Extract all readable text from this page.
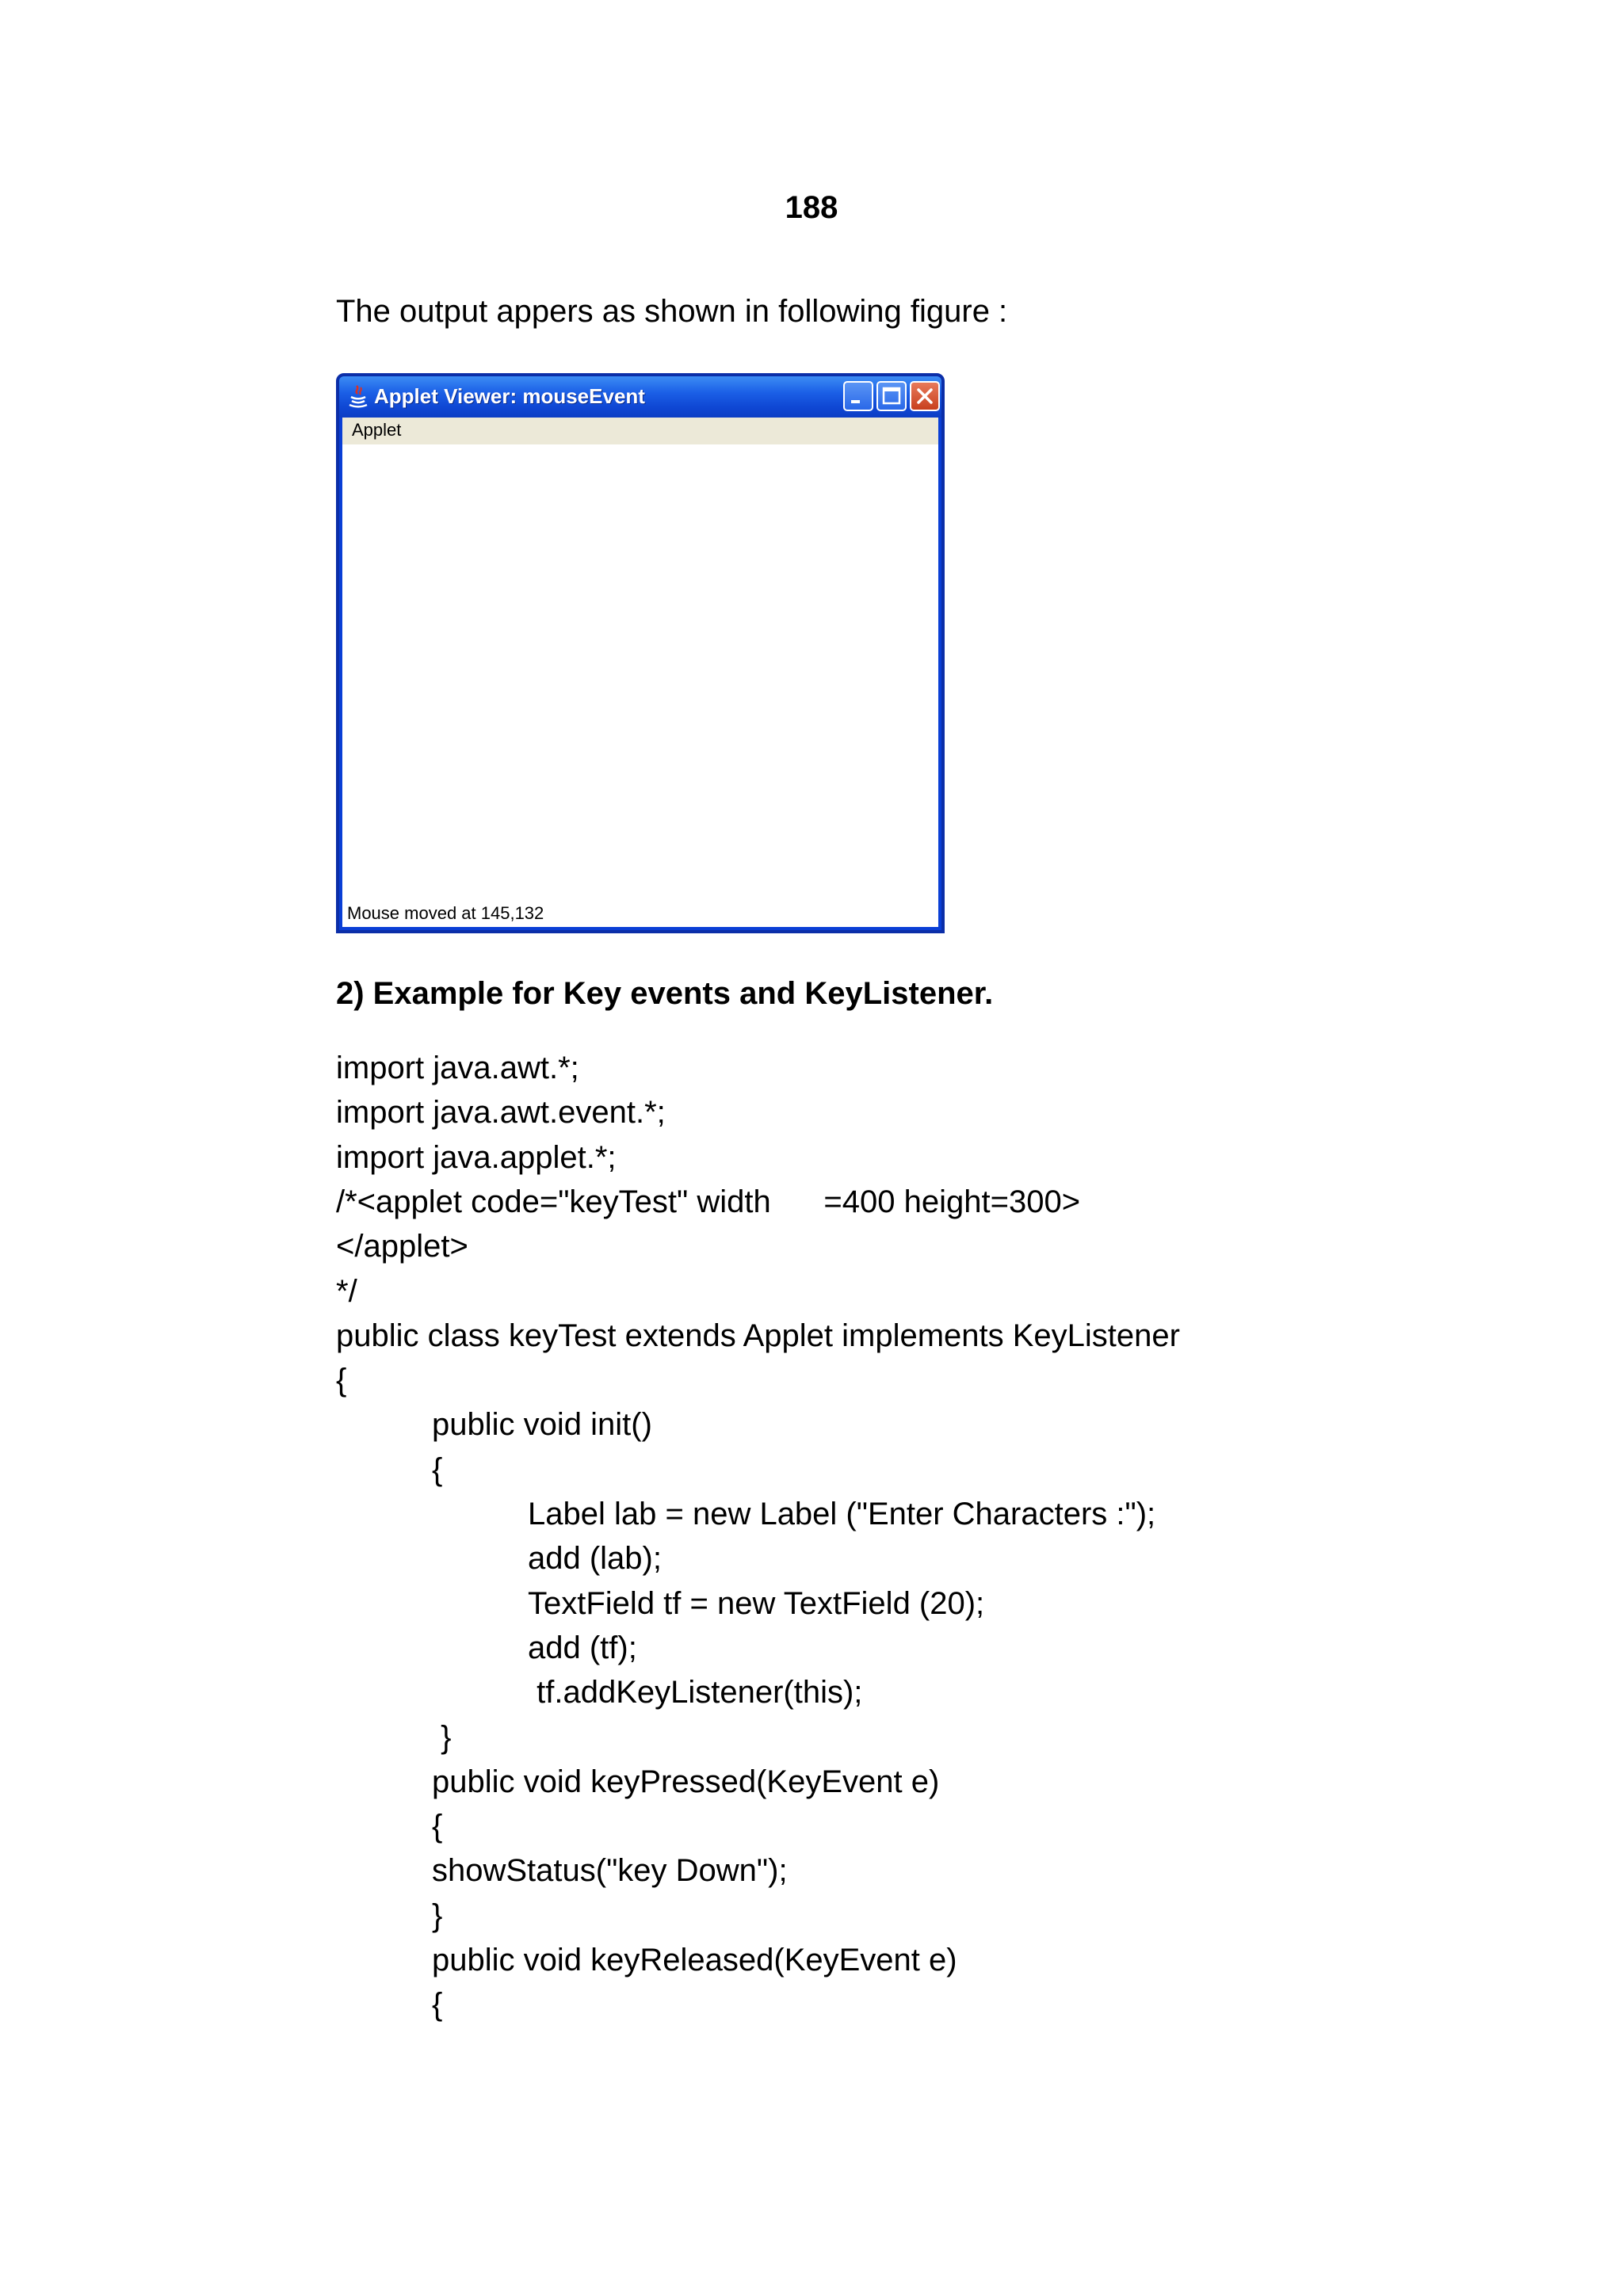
188
The output appers as shown in following figure :
Applet Viewer: mouseEvent
Applet
Mouse moved at 145,132
2) Example for Key events and KeyListener.
import java.awt.*;
import java.awt.event.*;
import java.applet.*;
/*<applet code="keyTest" width      =400 height=300>
</applet>
*/
public class keyTest extends Applet implements KeyListener
{
public void init()
{
Label lab = new Label ("Enter Characters :");
add (lab);
TextField tf = new TextField (20);
add (tf);
tf.addKeyListener(this);
}
public void keyPressed(KeyEvent e)
{
showStatus("key Down");
}
public void keyReleased(KeyEvent e)
{
